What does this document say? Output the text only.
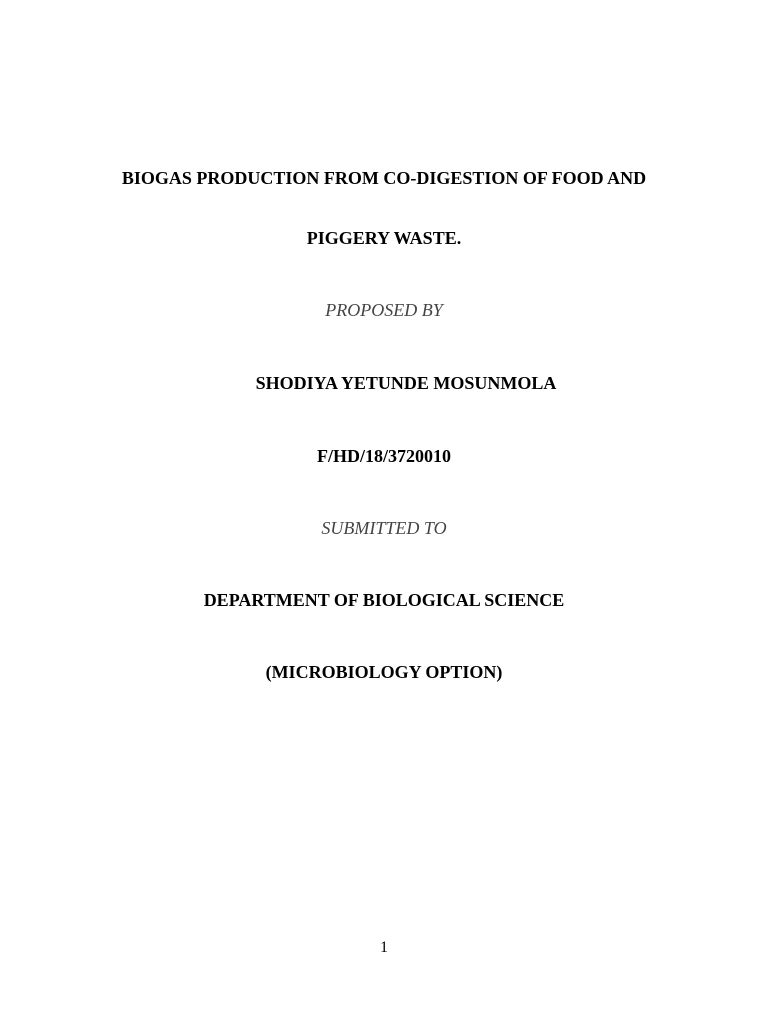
BIOGAS PRODUCTION FROM CO-DIGESTION OF FOOD AND
PIGGERY WASTE.
PROPOSED BY
SHODIYA YETUNDE MOSUNMOLA
F/HD/18/3720010
SUBMITTED TO
DEPARTMENT OF BIOLOGICAL SCIENCE
(MICROBIOLOGY OPTION)
1
